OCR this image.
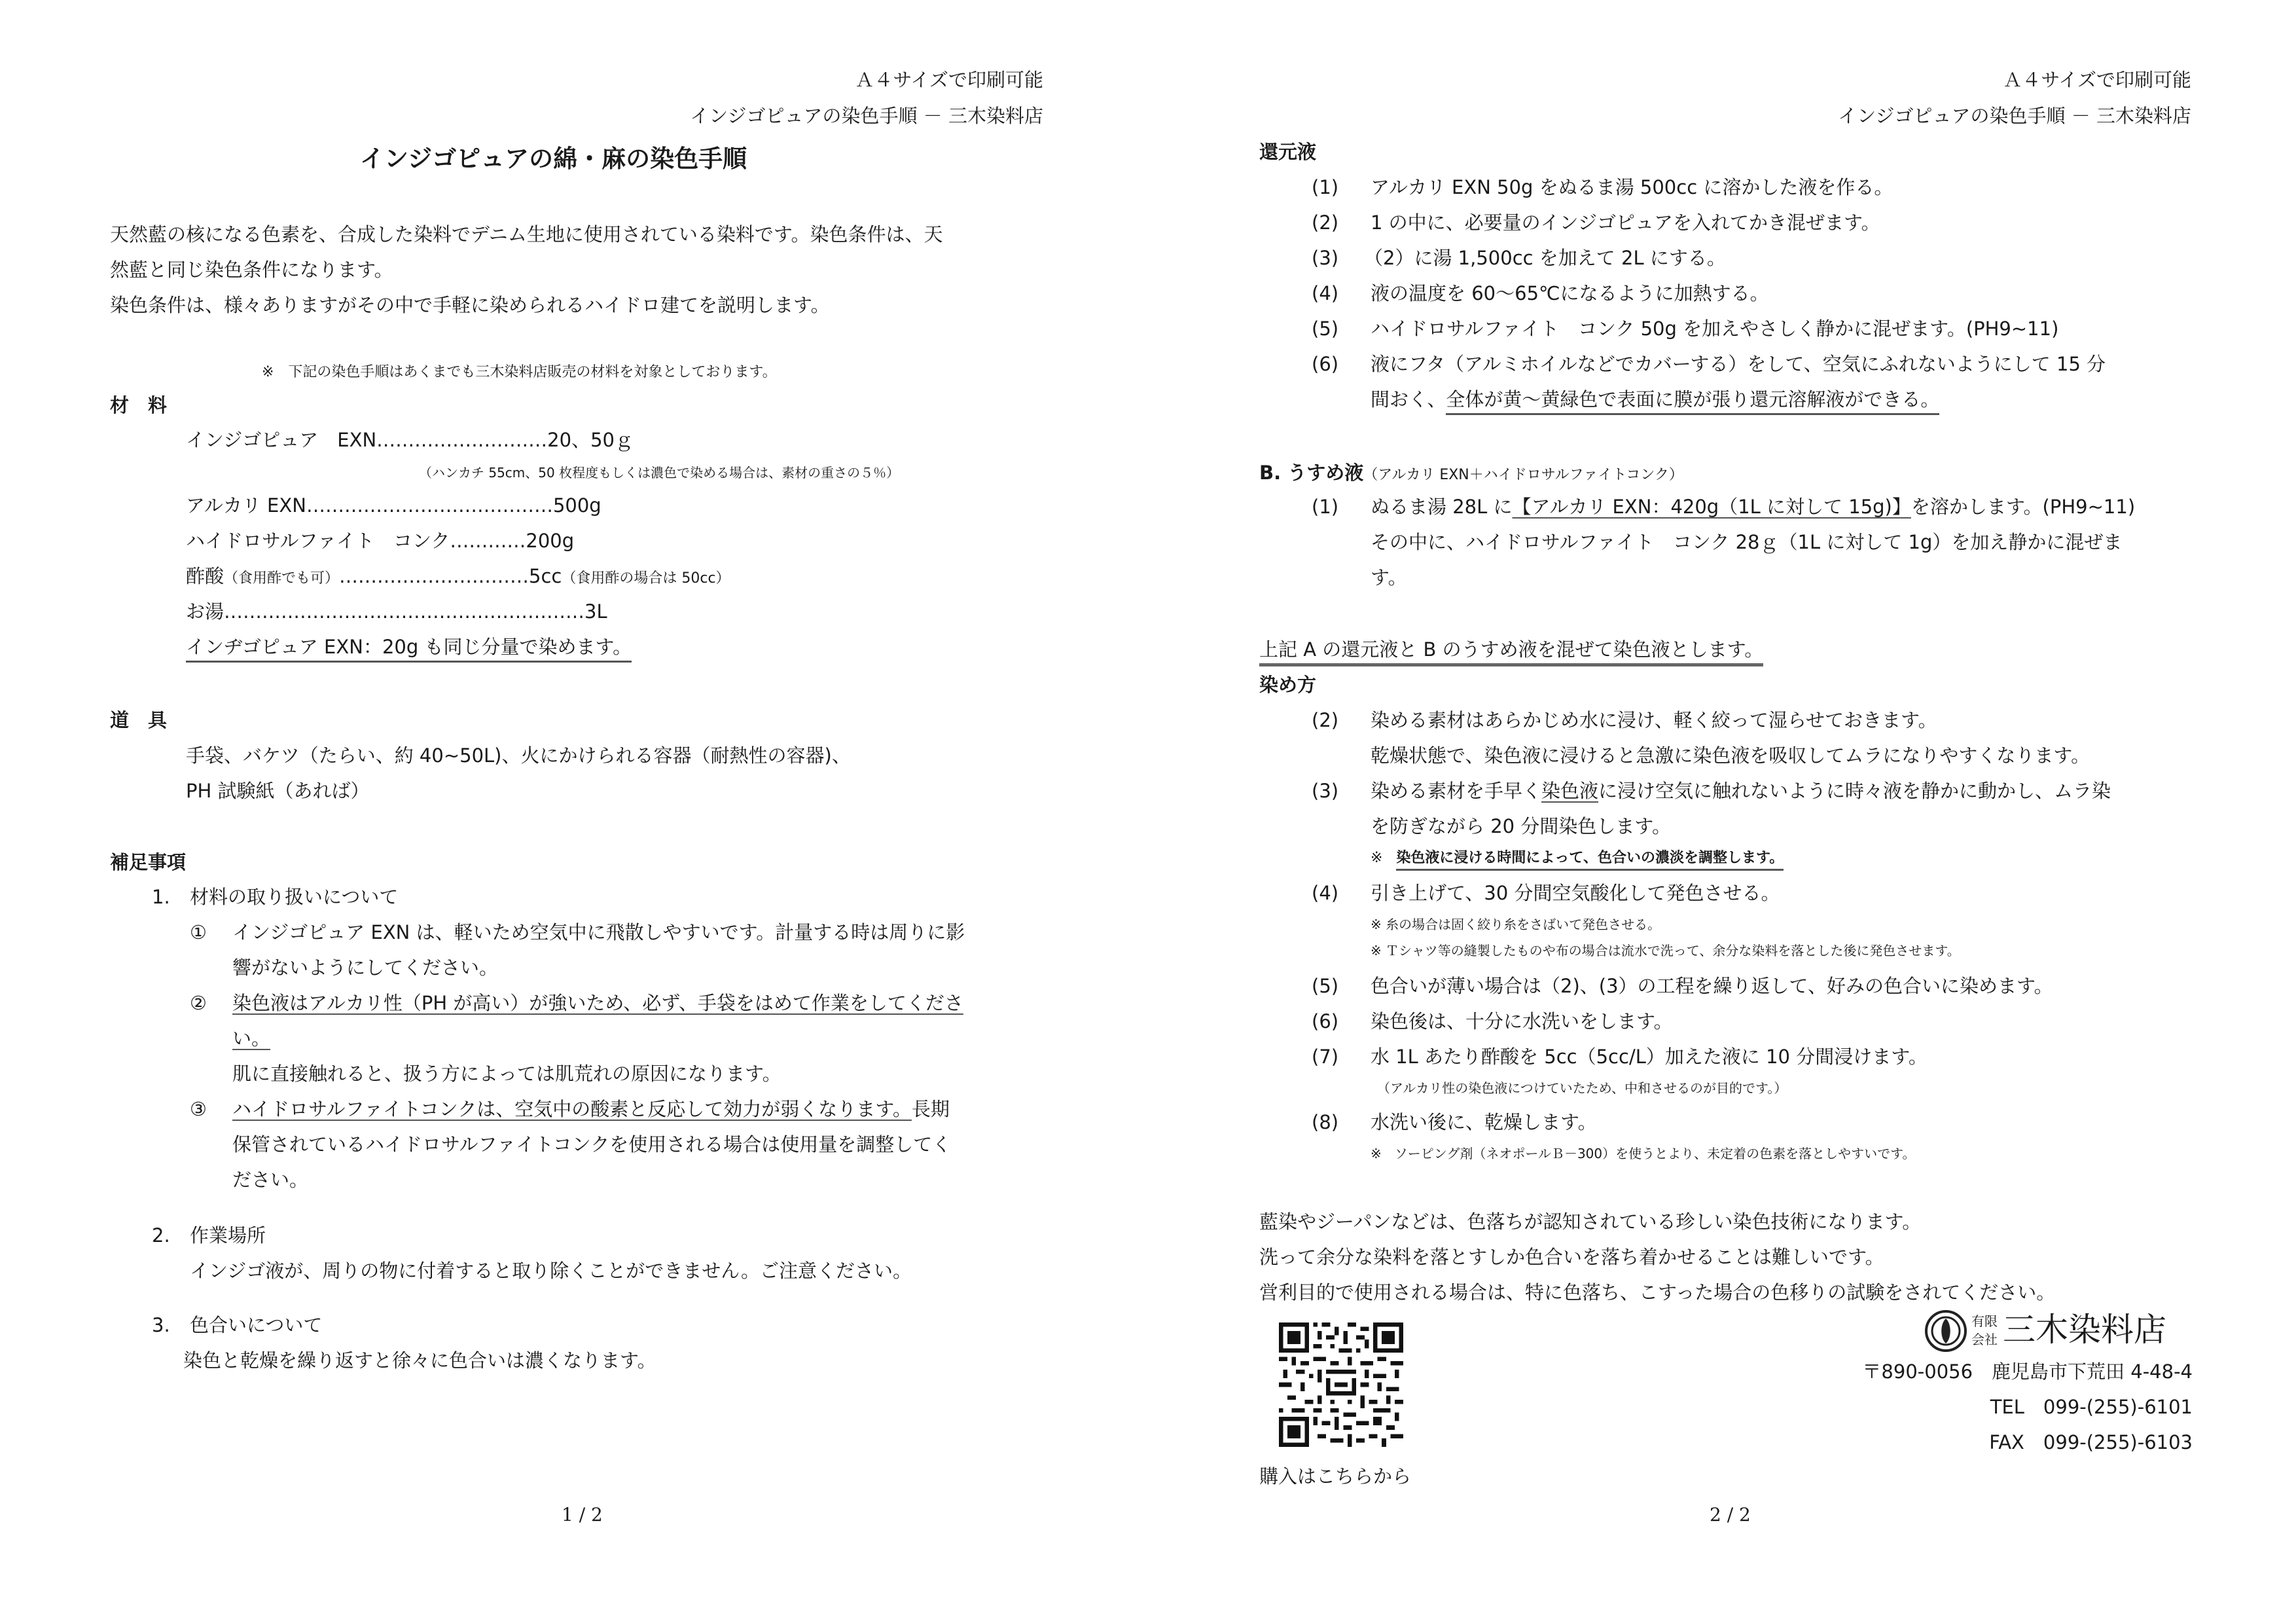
Ａ４サイズで印刷可能
インジゴピュアの染色手順 － 三木染料店
インジゴピュアの綿・麻の染色手順
天然藍の核になる色素を、合成した染料でデニム生地に使用されている染料です。染色条件は、天
然藍と同じ染色条件になります。
染色条件は、様々ありますがその中で手軽に染められるハイドロ建てを説明します。
※　下記の染色手順はあくまでも三木染料店販売の材料を対象としております。
材　料
インジゴピュア　EXN………………………20、50ｇ
（ハンカチ 55cm、50 枚程度もしくは濃色で染める場合は、素材の重さの５％）
アルカリ EXN…………………………………500g
ハイドロサルファイト　コンク…………200g
酢酸（食用酢でも可）…………………………5cc（食用酢の場合は 50cc）
お湯…………………………………………………3L
インヂゴピュア EXN：20g も同じ分量で染めます。
道　具
手袋、バケツ（たらい、約 40~50L)、火にかけられる容器（耐熱性の容器)、
PH 試験紙（あれば）
補足事項
1. 材料の取り扱いについて
① インジゴピュア EXN は、軽いため空気中に飛散しやすいです。計量する時は周りに影
響がないようにしてください。
② 染色液はアルカリ性（PH が高い）が強いため、必ず、手袋をはめて作業をしてくださ
い。
肌に直接触れると、扱う方によっては肌荒れの原因になります。
③ ハイドロサルファイトコンクは、空気中の酸素と反応して効力が弱くなります。長期
保管されているハイドロサルファイトコンクを使用される場合は使用量を調整してく
ださい。
2. 作業場所
インジゴ液が、周りの物に付着すると取り除くことができません。ご注意ください。
3. 色合いについて
染色と乾燥を繰り返すと徐々に色合いは濃くなります。
1 / 2
Ａ４サイズで印刷可能
インジゴピュアの染色手順 － 三木染料店
還元液
(1) アルカリ EXN 50g をぬるま湯 500cc に溶かした液を作る。
(2) 1 の中に、必要量のインジゴピュアを入れてかき混ぜます。
(3) （2）に湯 1,500cc を加えて 2L にする。
(4) 液の温度を 60～65℃になるように加熱する。
(5) ハイドロサルファイト　コンク 50g を加えやさしく静かに混ぜます。(PH9~11)
(6) 液にフタ（アルミホイルなどでカバーする）をして、空気にふれないようにして 15 分
間おく、全体が黄～黄緑色で表面に膜が張り還元溶解液ができる。
B. うすめ液（アルカリ EXN＋ハイドロサルファイトコンク）
(1) ぬるま湯 28L に【アルカリ EXN：420g（1L に対して 15g)】を溶かします。(PH9~11)
その中に、ハイドロサルファイト　コンク 28ｇ（1L に対して 1g）を加え静かに混ぜま
す。
上記 A の還元液と B のうすめ液を混ぜて染色液とします。
染め方
(2) 染める素材はあらかじめ水に浸け、軽く絞って湿らせておきます。
乾燥状態で、染色液に浸けると急激に染色液を吸収してムラになりやすくなります。
(3) 染める素材を手早く染色液に浸け空気に触れないように時々液を静かに動かし、ムラ染
を防ぎながら 20 分間染色します。
※ 染色液に浸ける時間によって、色合いの濃淡を調整します。
(4) 引き上げて、30 分間空気酸化して発色させる。
※ 糸の場合は固く絞り糸をさばいて発色させる。
※ Ｔシャツ等の縫製したものや布の場合は流水で洗って、余分な染料を落とした後に発色させます。
(5) 色合いが薄い場合は（2)、(3）の工程を繰り返して、好みの色合いに染めます。
(6) 染色後は、十分に水洗いをします。
(7) 水 1L あたり酢酸を 5cc（5cc/L）加えた液に 10 分間浸けます。
（アルカリ性の染色液につけていたため、中和させるのが目的です。）
(8) 水洗い後に、乾燥します。
※　ソーピング剤（ネオポールＢ－300）を使うとより、未定着の色素を落としやすいです。
藍染やジーパンなどは、色落ちが認知されている珍しい染色技術になります。
洗って余分な染料を落とすしか色合いを落ち着かせることは難しいです。
営利目的で使用される場合は、特に色落ち、こすった場合の色移りの試験をされてください。
購入はこちらから
有限
会社 三木染料店
〒890-0056　鹿児島市下荒田 4-48-4
TEL　099-(255)-6101
FAX　099-(255)-6103
2 / 2
